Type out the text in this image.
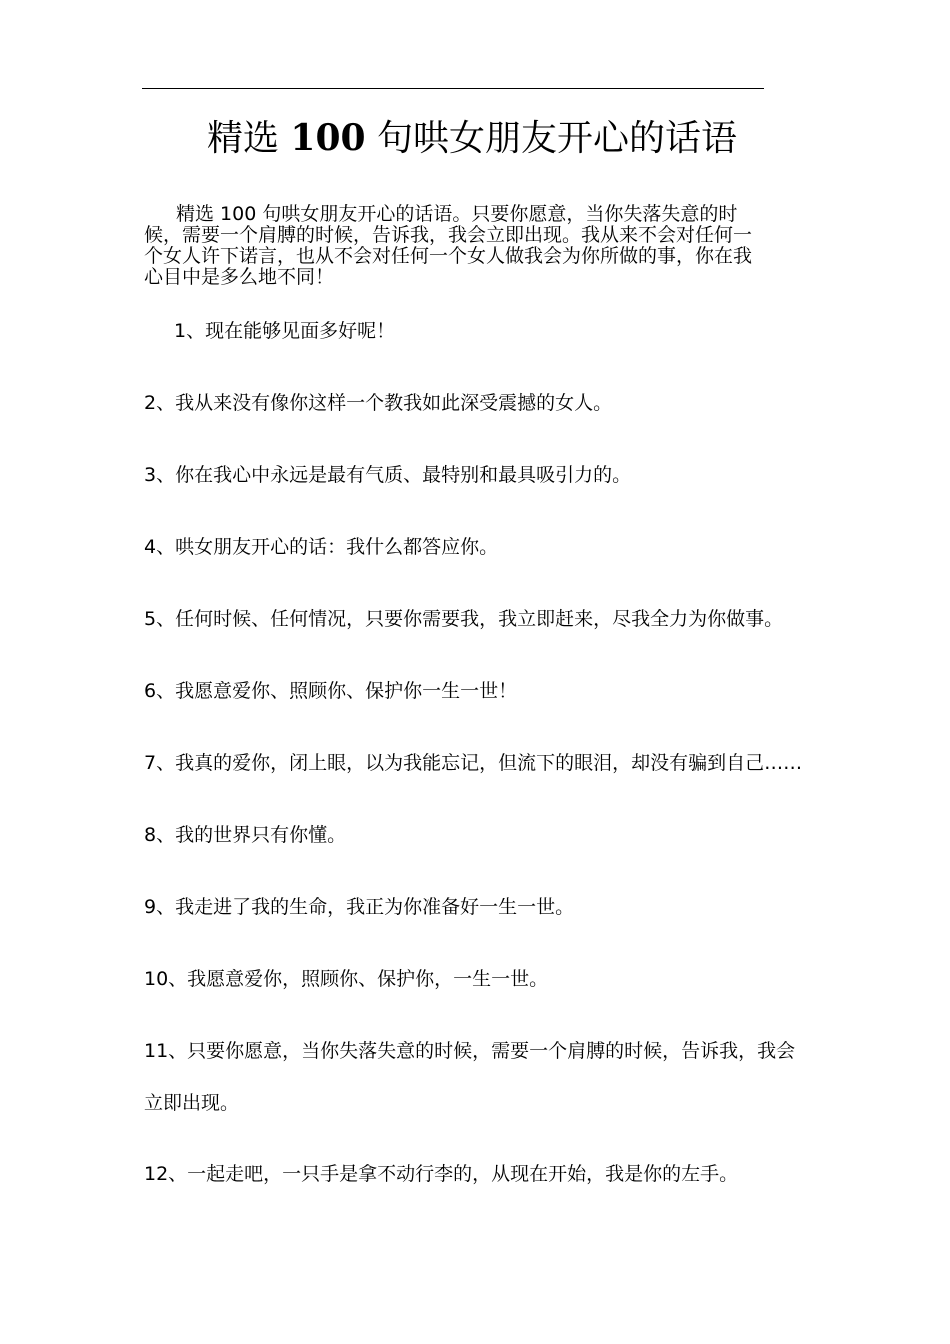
精选 100 句哄女朋友开心的话语

精选 100 句哄女朋友开心的话语。只要你愿意，当你失落失意的时候，需要一个肩膊的时候，告诉我，我会立即出现。我从来不会对任何一个女人许下诺言，也从不会对任何一个女人做我会为你所做的事，你在我心目中是多么地不同！

1、现在能够见面多好呢！

2、我从来没有像你这样一个教我如此深受震撼的女人。

3、你在我心中永远是最有气质、最特别和最具吸引力的。

4、哄女朋友开心的话：我什么都答应你。

5、任何时候、任何情况，只要你需要我，我立即赶来，尽我全力为你做事。

6、我愿意爱你、照顾你、保护你一生一世！

7、我真的爱你，闭上眼，以为我能忘记，但流下的眼泪，却没有骗到自己……

8、我的世界只有你懂。

9、我走进了我的生命，我正为你准备好一生一世。

10、我愿意爱你，照顾你、保护你，一生一世。

11、只要你愿意，当你失落失意的时候，需要一个肩膊的时候，告诉我，我会立即出现。

12、一起走吧，一只手是拿不动行李的，从现在开始，我是你的左手。
